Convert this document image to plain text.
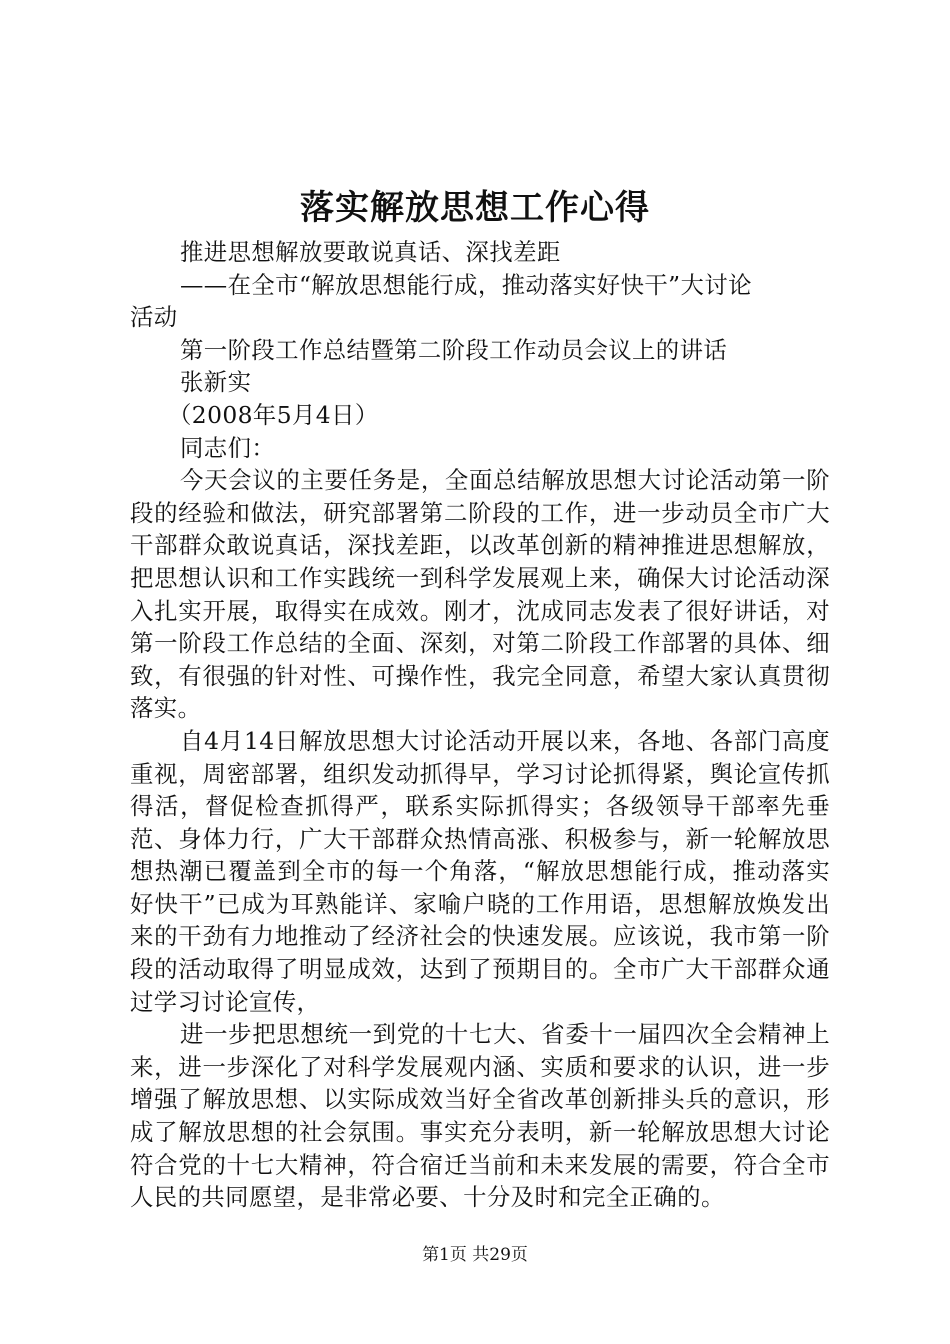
落实解放思想工作心得
推进思想解放要敢说真话、深找差距
——在全市“解放思想能行成，推动落实好快干”大讨论
活动
第一阶段工作总结暨第二阶段工作动员会议上的讲话
张新实
（2008年5月4日）
同志们：

今天会议的主要任务是，全面总结解放思想大讨论活动第一阶段的经验和做法，研究部署第二阶段的工作，进一步动员全市广大干部群众敢说真话，深找差距，以改革创新的精神推进思想解放，把思想认识和工作实践统一到科学发展观上来，确保大讨论活动深入扎实开展，取得实在成效。刚才，沈成同志发表了很好讲话，对第一阶段工作总结的全面、深刻，对第二阶段工作部署的具体、细致，有很强的针对性、可操作性，我完全同意，希望大家认真贯彻落实。

自4月14日解放思想大讨论活动开展以来，各地、各部门高度重视，周密部署，组织发动抓得早，学习讨论抓得紧，舆论宣传抓得活，督促检查抓得严，联系实际抓得实；各级领导干部率先垂范、身体力行，广大干部群众热情高涨、积极参与，新一轮解放思想热潮已覆盖到全市的每一个角落，“解放思想能行成，推动落实好快干”已成为耳熟能详、家喻户晓的工作用语，思想解放焕发出来的干劲有力地推动了经济社会的快速发展。应该说，我市第一阶段的活动取得了明显成效，达到了预期目的。全市广大干部群众通过学习讨论宣传，

进一步把思想统一到党的十七大、省委十一届四次全会精神上来，进一步深化了对科学发展观内涵、实质和要求的认识，进一步增强了解放思想、以实际成效当好全省改革创新排头兵的意识，形成了解放思想的社会氛围。事实充分表明，新一轮解放思想大讨论符合党的十七大精神，符合宿迁当前和未来发展的需要，符合全市人民的共同愿望，是非常必要、十分及时和完全正确的。

第1页 共29页
